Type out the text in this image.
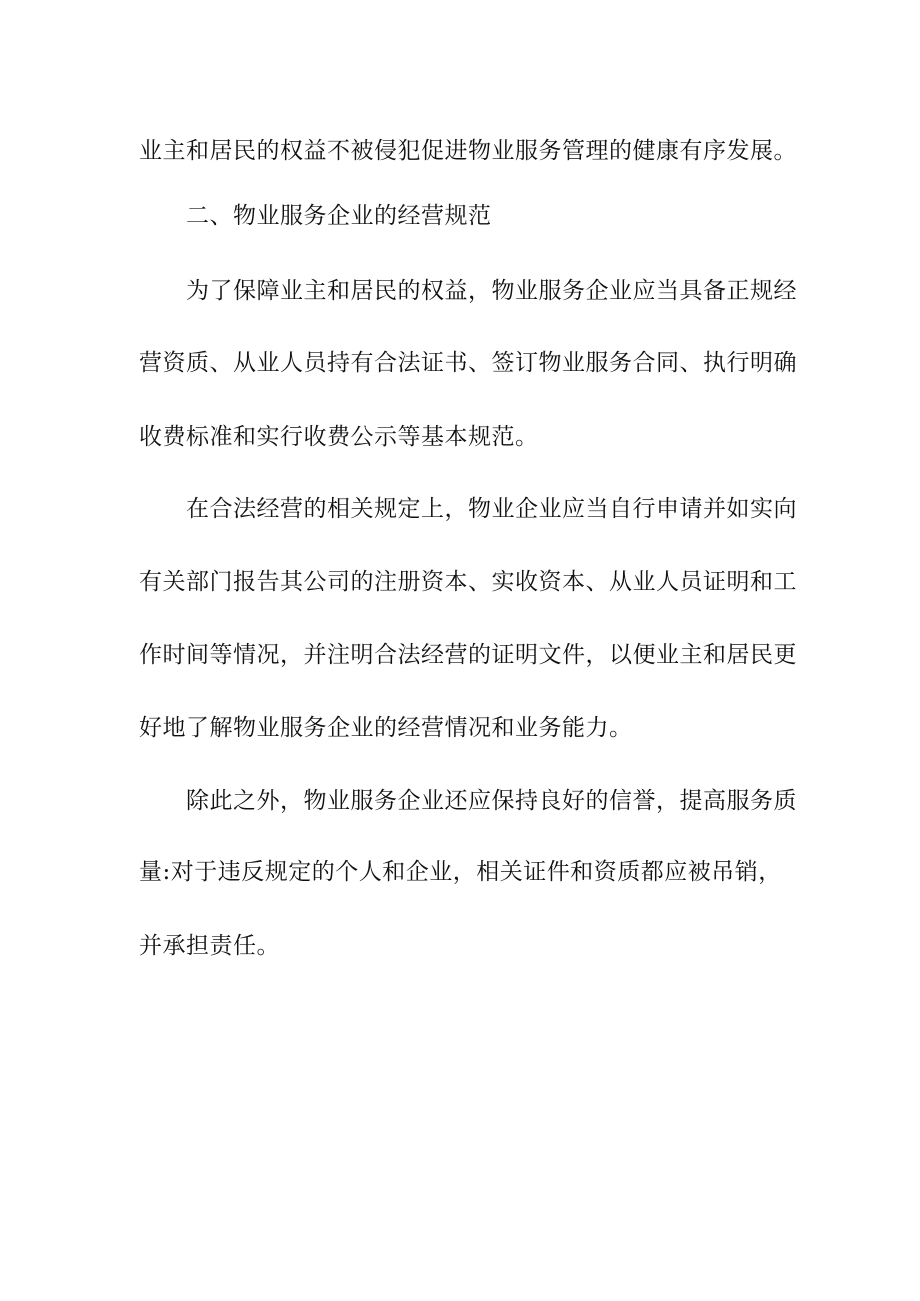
业主和居民的权益不被侵犯促进物业服务管理的健康有序发展。
二、物业服务企业的经营规范
为了保障业主和居民的权益，物业服务企业应当具备正规经
营资质、从业人员持有合法证书、签订物业服务合同、执行明确
收费标准和实行收费公示等基本规范。
在合法经营的相关规定上，物业企业应当自行申请并如实向
有关部门报告其公司的注册资本、实收资本、从业人员证明和工
作时间等情况，并注明合法经营的证明文件，以便业主和居民更
好地了解物业服务企业的经营情况和业务能力。
除此之外，物业服务企业还应保持良好的信誉，提高服务质
量:对于违反规定的个人和企业，相关证件和资质都应被吊销，
并承担责任。
